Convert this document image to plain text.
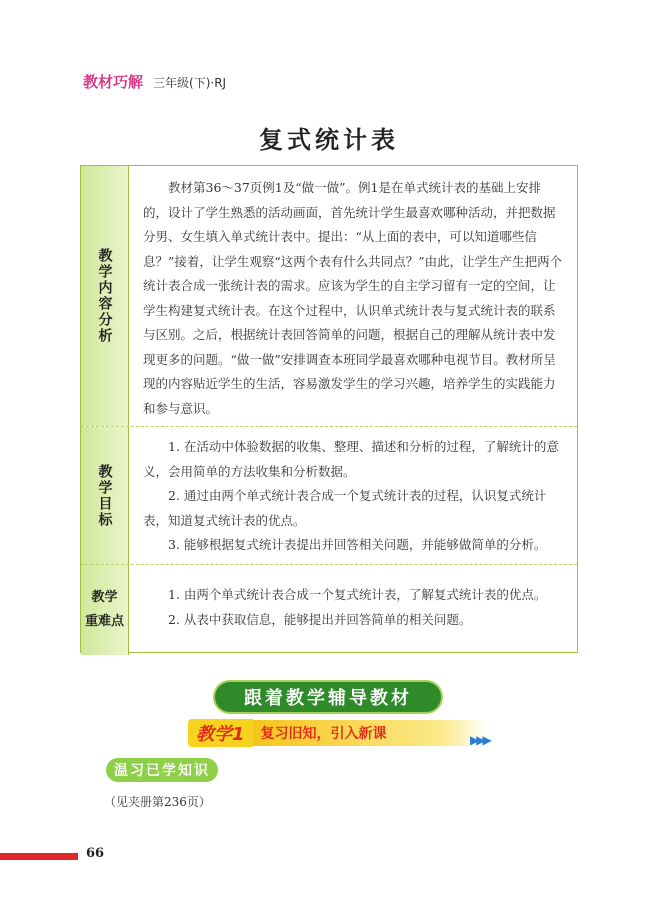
教材巧解 三年级(下)·RJ
复式统计表
教学内容分析

教材第36～37页例1及“做一做”。例1是在单式统计表的基础上安排的，设计了学生熟悉的活动画面，首先统计学生最喜欢哪种活动，并把数据分男、女生填入单式统计表中。提出：“从上面的表中，可以知道哪些信息？”接着，让学生观察“这两个表有什么共同点？”由此，让学生产生把两个统计表合成一张统计表的需求。应该为学生的自主学习留有一定的空间，让学生构建复式统计表。在这个过程中，认识单式统计表与复式统计表的联系与区别。之后，根据统计表回答简单的问题，根据自己的理解从统计表中发现更多的问题。“做一做”安排调查本班同学最喜欢哪种电视节目。教材所呈现的内容贴近学生的生活，容易激发学生的学习兴趣，培养学生的实践能力和参与意识。

教学目标

1. 在活动中体验数据的收集、整理、描述和分析的过程，了解统计的意义，会用简单的方法收集和分析数据。

2. 通过由两个单式统计表合成一个复式统计表的过程，认识复式统计表，知道复式统计表的优点。

3. 能够根据复式统计表提出并回答相关问题，并能够做简单的分析。

教学
重难点

1. 由两个单式统计表合成一个复式统计表，了解复式统计表的优点。

2. 从表中获取信息，能够提出并回答简单的相关问题。

跟着教学辅导教材
教学1	复习旧知，引入新课	▶▶▶
温习已学知识
（见夹册第236页）
66
